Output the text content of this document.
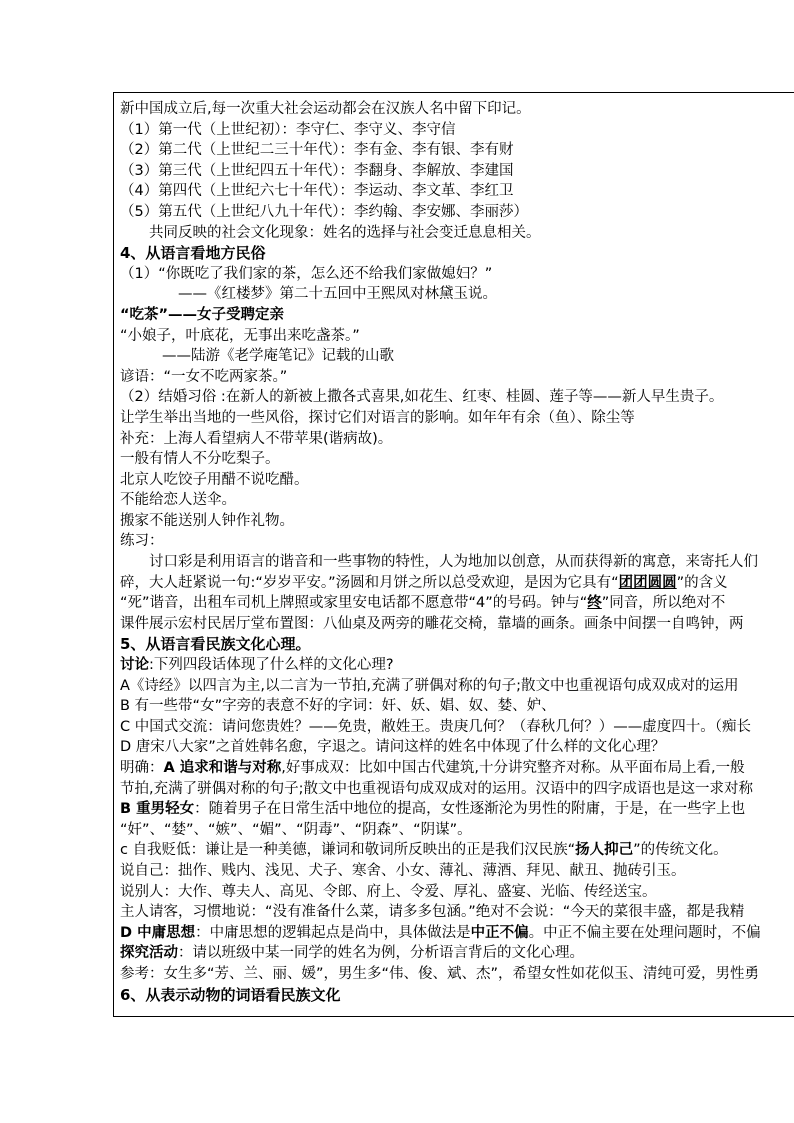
新中国成立后,每一次重大社会运动都会在汉族人名中留下印记。
（1）第一代（上世纪初）：李守仁、李守义、李守信
（2）第二代（上世纪二三十年代）：李有金、李有银、李有财
（3）第三代（上世纪四五十年代）：李翻身、李解放、李建国
（4）第四代（上世纪六七十年代）：李运动、李文革、李红卫
（5）第五代（上世纪八九十年代）：李约翰、李安娜、李丽莎）
共同反映的社会文化现象：姓名的选择与社会变迁息息相关。
4、从语言看地方民俗
（1）“你既吃了我们家的茶，怎么还不给我们家做媳妇？”
——《红楼梦》第二十五回中王熙凤对林黛玉说。
“吃茶”——女子受聘定亲
“小娘子，叶底花，无事出来吃盏茶。”
——陆游《老学庵笔记》记载的山歌
谚语：“一女不吃两家茶。”
（2）结婚习俗 :在新人的新被上撒各式喜果,如花生、红枣、桂圆、莲子等——新人早生贵子。
让学生举出当地的一些风俗，探讨它们对语言的影响。如年年有余（鱼）、除尘等
补充：上海人看望病人不带苹果(谐病故)。
一般有情人不分吃梨子。
北京人吃饺子用醋不说吃醋。
不能给恋人送伞。
搬家不能送别人钟作礼物。
练习：
讨口彩是利用语言的谐音和一些事物的特性，人为地加以创意，从而获得新的寓意，来寄托人们
碎，大人赶紧说一句:“岁岁平安。”汤圆和月饼之所以总受欢迎，是因为它具有“团团圆圆”的含义
“死”谐音，出租车司机上牌照或家里安电话都不愿意带“4”的号码。钟与“终”同音，所以绝对不
课件展示宏村民居厅堂布置图：八仙桌及两旁的雕花交椅，靠墙的画条。画条中间摆一自鸣钟，两
5、从语言看民族文化心理。
讨论:下列四段话体现了什么样的文化心理?
A《诗经》以四言为主,以二言为一节拍,充满了骈偶对称的句子;散文中也重视语句成双成对的运用
B 有一些带“女”字旁的表意不好的字词：奸、妖、娼、奴、婪、妒、
C 中国式交流：请问您贵姓？——免贵，敝姓王。贵庚几何？（春秋几何？）——虚度四十。（痴长
D 唐宋八大家”之首姓韩名愈，字退之。请问这样的姓名中体现了什么样的文化心理？
明确：A 追求和谐与对称,好事成双：比如中国古代建筑,十分讲究整齐对称。从平面布局上看,一般
节拍,充满了骈偶对称的句子;散文中也重视语句成双成对的运用。汉语中的四字成语也是这一求对称
B 重男轻女：随着男子在日常生活中地位的提高，女性逐渐沦为男性的附庸，于是，在一些字上也
“奸”、“婪”、“嫉”、“媚”、“阴毒”、“阴森”、“阴谋”。
c 自我贬低：谦让是一种美德，谦词和敬词所反映出的正是我们汉民族“扬人抑己”的传统文化。
说自己：拙作、贱内、浅见、犬子、寒舍、小女、薄礼、薄酒、拜见、献丑、抛砖引玉。
说别人：大作、尊夫人、高见、令郎、府上、令爱、厚礼、盛宴、光临、传经送宝。
主人请客，习惯地说：“没有准备什么菜，请多多包涵。”绝对不会说：“今天的菜很丰盛，都是我精
D 中庸思想：中庸思想的逻辑起点是尚中，具体做法是中正不偏。中正不偏主要在处理问题时，不偏
探究活动：请以班级中某一同学的姓名为例，分析语言背后的文化心理。
参考：女生多“芳、兰、丽、媛”，男生多“伟、俊、斌、杰”，希望女性如花似玉、清纯可爱，男性勇
6、从表示动物的词语看民族文化
